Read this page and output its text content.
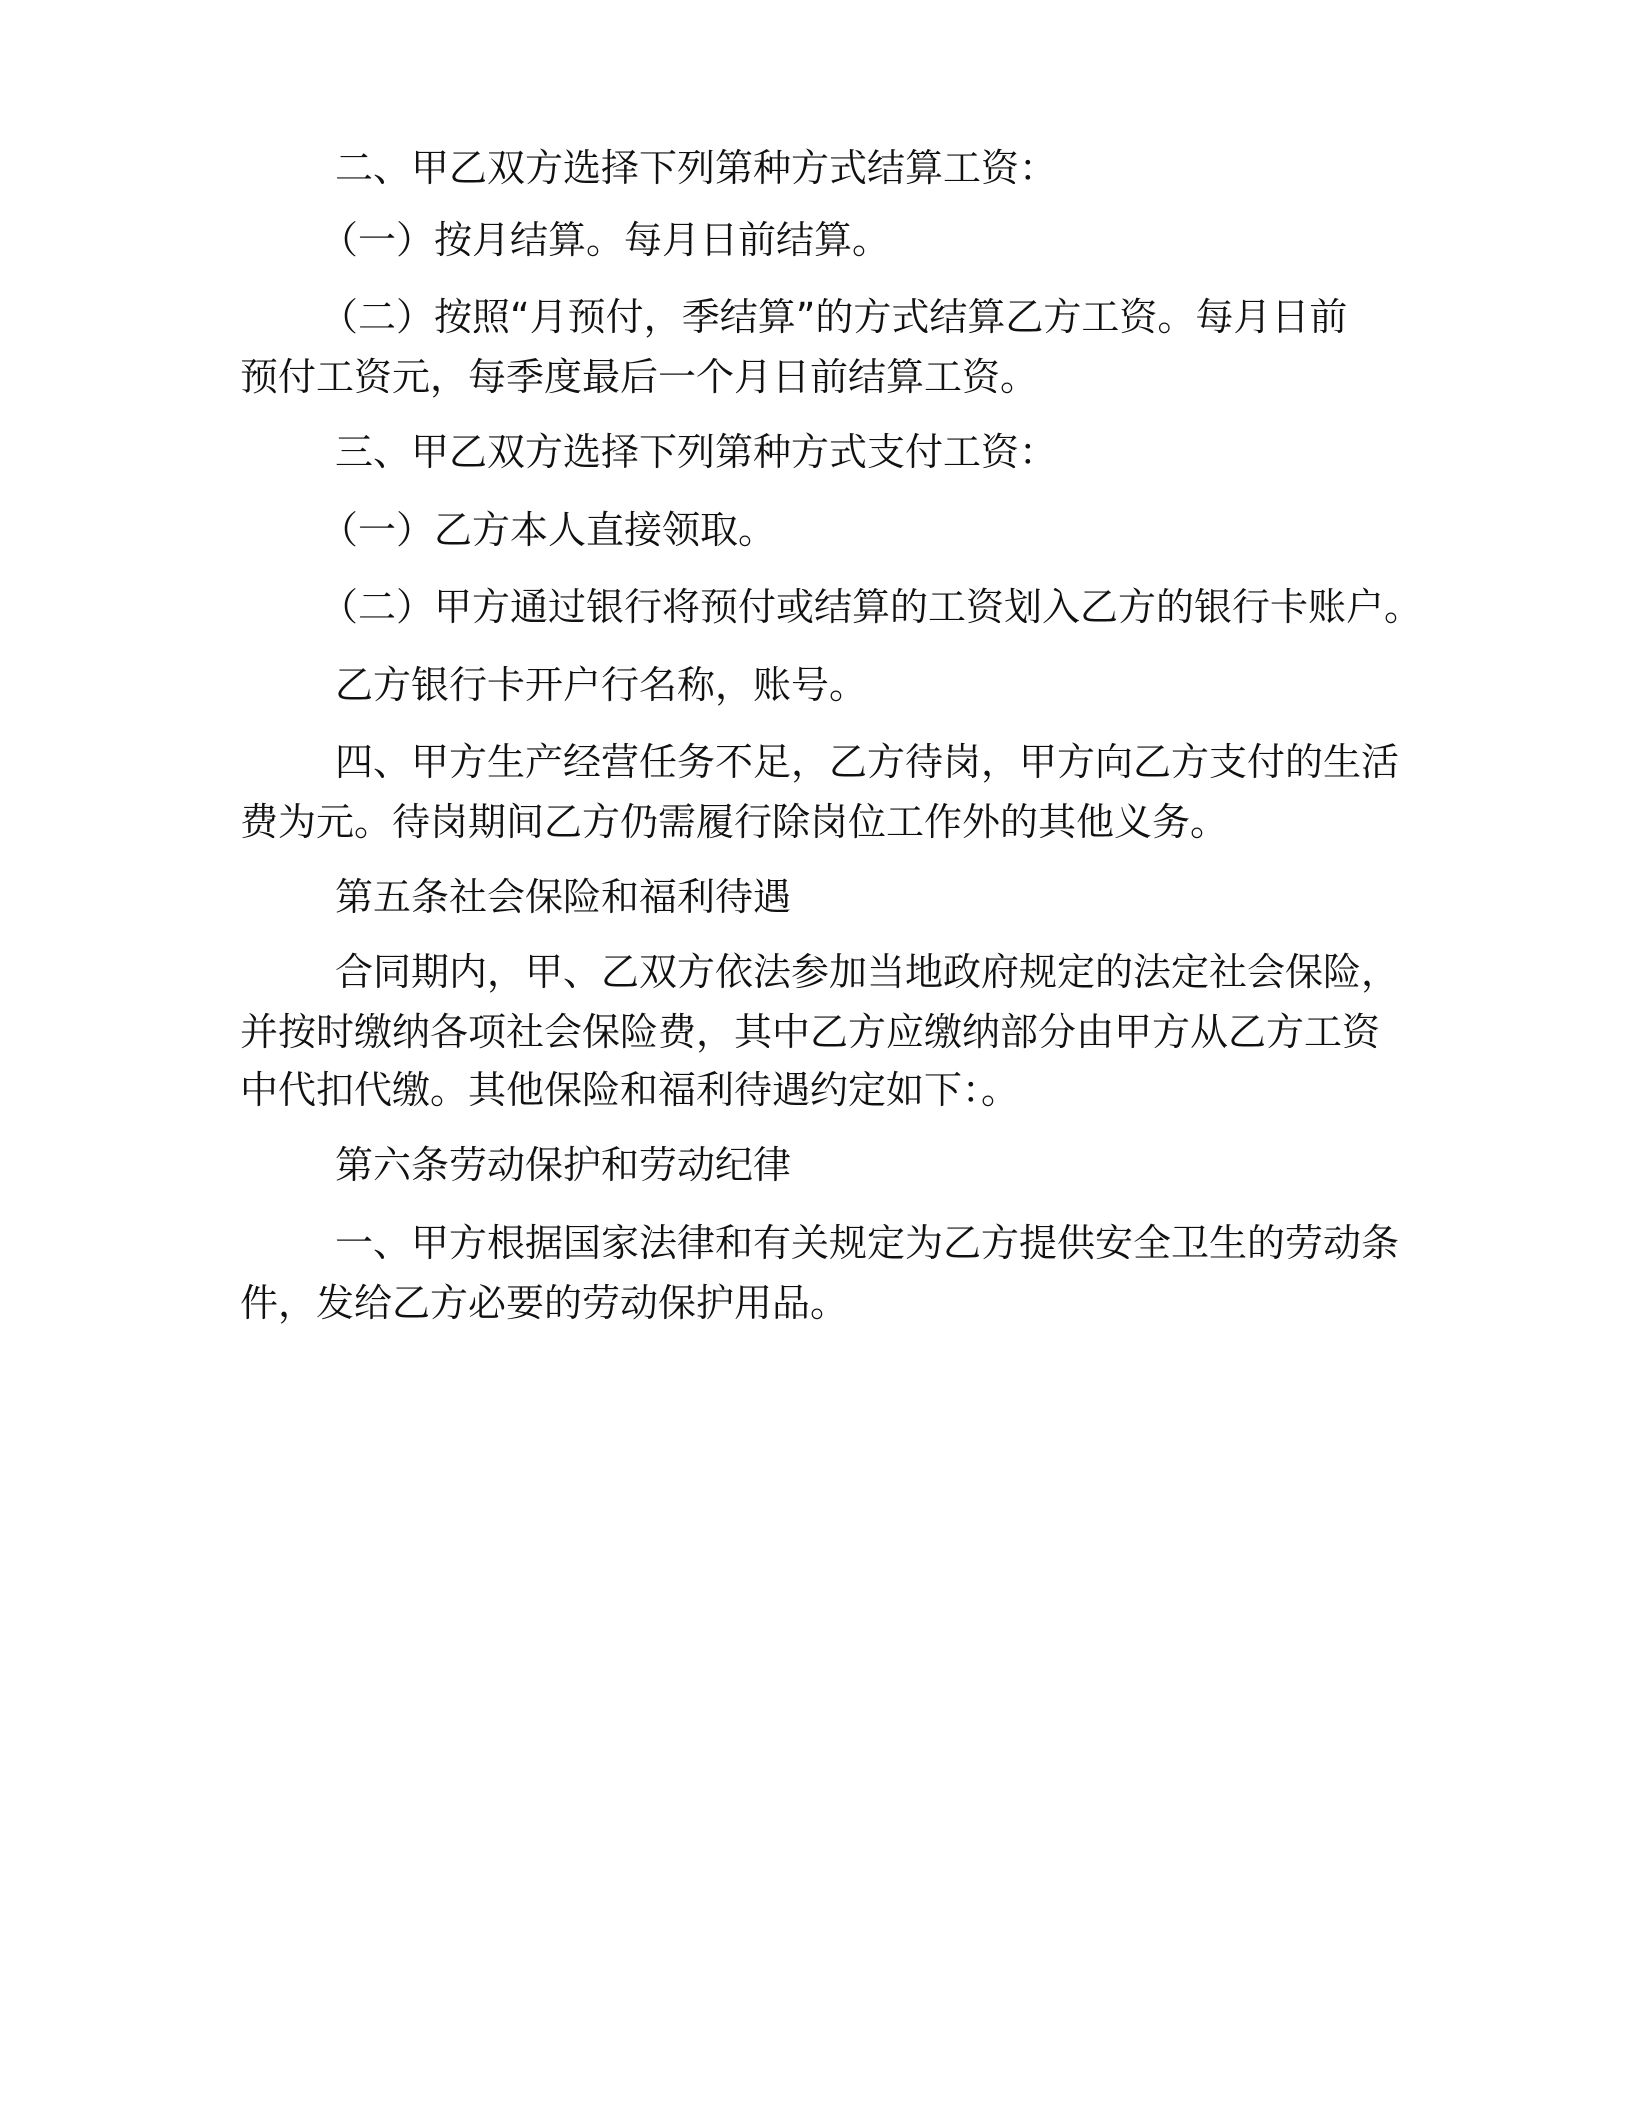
二、甲乙双方选择下列第种方式结算工资：
（一）按月结算。每月日前结算。
（二）按照“月预付，季结算”的方式结算乙方工资。每月日前
预付工资元，每季度最后一个月日前结算工资。
三、甲乙双方选择下列第种方式支付工资：
（一）乙方本人直接领取。
（二）甲方通过银行将预付或结算的工资划入乙方的银行卡账户。
乙方银行卡开户行名称，账号。
四、甲方生产经营任务不足，乙方待岗，甲方向乙方支付的生活
费为元。待岗期间乙方仍需履行除岗位工作外的其他义务。
第五条社会保险和福利待遇
合同期内，甲、乙双方依法参加当地政府规定的法定社会保险，
并按时缴纳各项社会保险费，其中乙方应缴纳部分由甲方从乙方工资
中代扣代缴。其他保险和福利待遇约定如下：。
第六条劳动保护和劳动纪律
一、甲方根据国家法律和有关规定为乙方提供安全卫生的劳动条
件，发给乙方必要的劳动保护用品。
